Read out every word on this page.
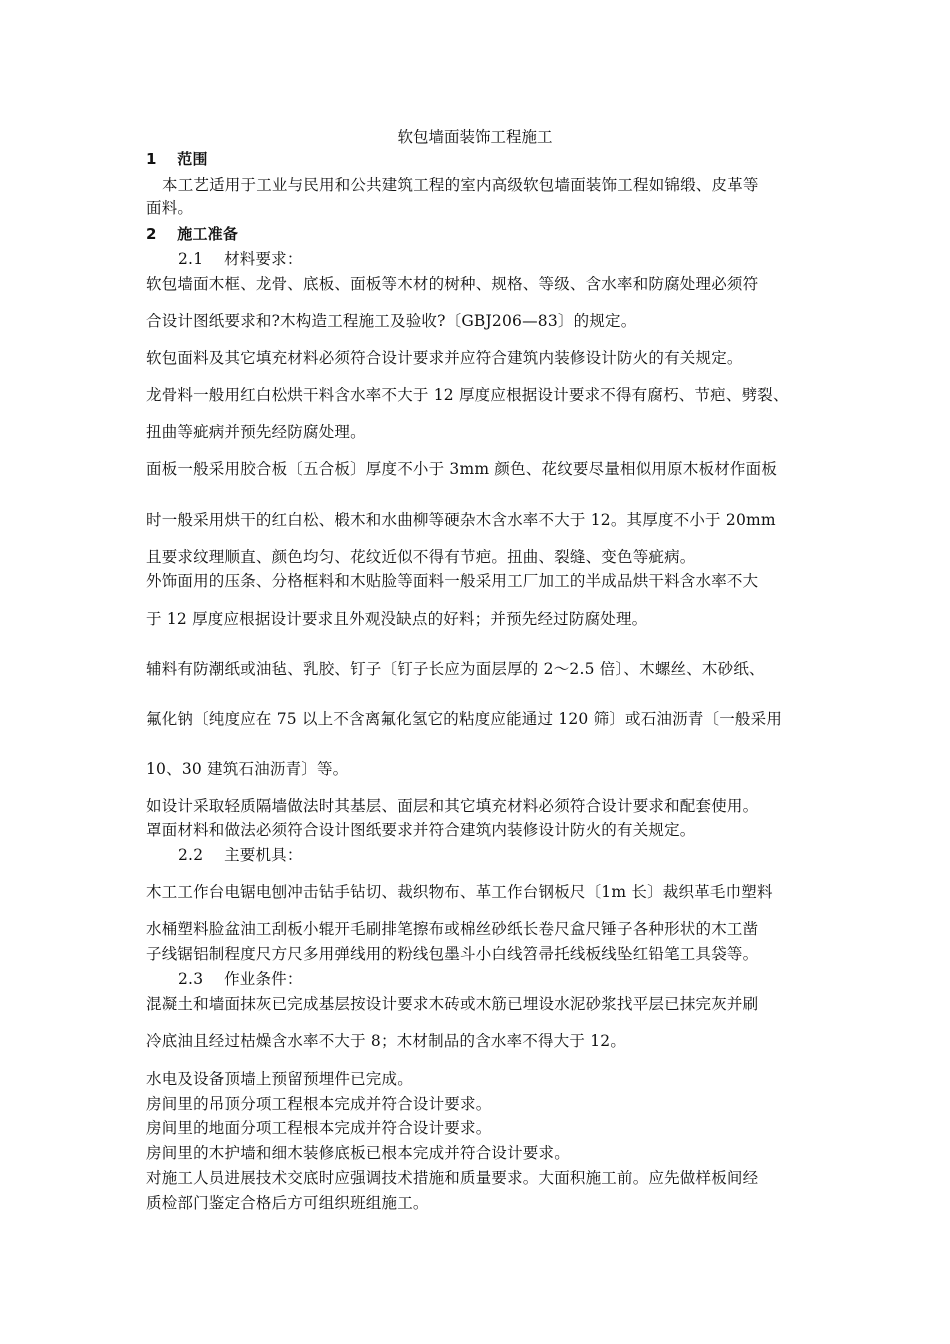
软包墙面装饰工程施工

1　 范围

本工艺适用于工业与民用和公共建筑工程的室内高级软包墙面装饰工程如锦缎、皮革等

面料。

2　 施工准备

2.1　 材料要求：

软包墙面木框、龙骨、底板、面板等木材的树种、规格、等级、含水率和防腐处理必须符

合设计图纸要求和?木构造工程施工及验收?〔GBJ206—83〕的规定。

软包面料及其它填充材料必须符合设计要求并应符合建筑内装修设计防火的有关规定。

龙骨料一般用红白松烘干料含水率不大于 12 厚度应根据设计要求不得有腐朽、节疤、劈裂、

扭曲等疵病并预先经防腐处理。

面板一般采用胶合板〔五合板〕厚度不小于 3mm 颜色、花纹要尽量相似用原木板材作面板

时一般采用烘干的红白松、椴木和水曲柳等硬杂木含水率不大于 12。其厚度不小于 20mm

且要求纹理顺直、颜色均匀、花纹近似不得有节疤。扭曲、裂缝、变色等疵病。

外饰面用的压条、分格框料和木贴脸等面料一般采用工厂加工的半成品烘干料含水率不大

于 12 厚度应根据设计要求且外观没缺点的好料；并预先经过防腐处理。

辅料有防潮纸或油毡、乳胶、钉子〔钉子长应为面层厚的 2～2.5 倍〕、木螺丝、木砂纸、

氟化钠〔纯度应在 75 以上不含离氟化氢它的粘度应能通过 120 筛〕或石油沥青〔一般采用

10、30 建筑石油沥青〕等。

如设计采取轻质隔墙做法时其基层、面层和其它填充材料必须符合设计要求和配套使用。

罩面材料和做法必须符合设计图纸要求并符合建筑内装修设计防火的有关规定。

2.2　 主要机具：

木工工作台电锯电刨冲击钻手钻切、裁织物布、革工作台钢板尺〔1m 长〕裁织革毛巾塑料

水桶塑料脸盆油工刮板小辊开毛刷排笔擦布或棉丝砂纸长卷尺盒尺锤子各种形状的木工凿

子线锯铝制程度尺方尺多用弹线用的粉线包墨斗小白线笤帚托线板线坠红铅笔工具袋等。

2.3　 作业条件：

混凝土和墙面抹灰已完成基层按设计要求木砖或木筋已埋设水泥砂浆找平层已抹完灰并刷

冷底油且经过枯燥含水率不大于 8；木材制品的含水率不得大于 12。

水电及设备顶墙上预留预埋件已完成。

房间里的吊顶分项工程根本完成并符合设计要求。

房间里的地面分项工程根本完成并符合设计要求。

房间里的木护墙和细木装修底板已根本完成并符合设计要求。

对施工人员进展技术交底时应强调技术措施和质量要求。大面积施工前。应先做样板间经

质检部门鉴定合格后方可组织班组施工。
